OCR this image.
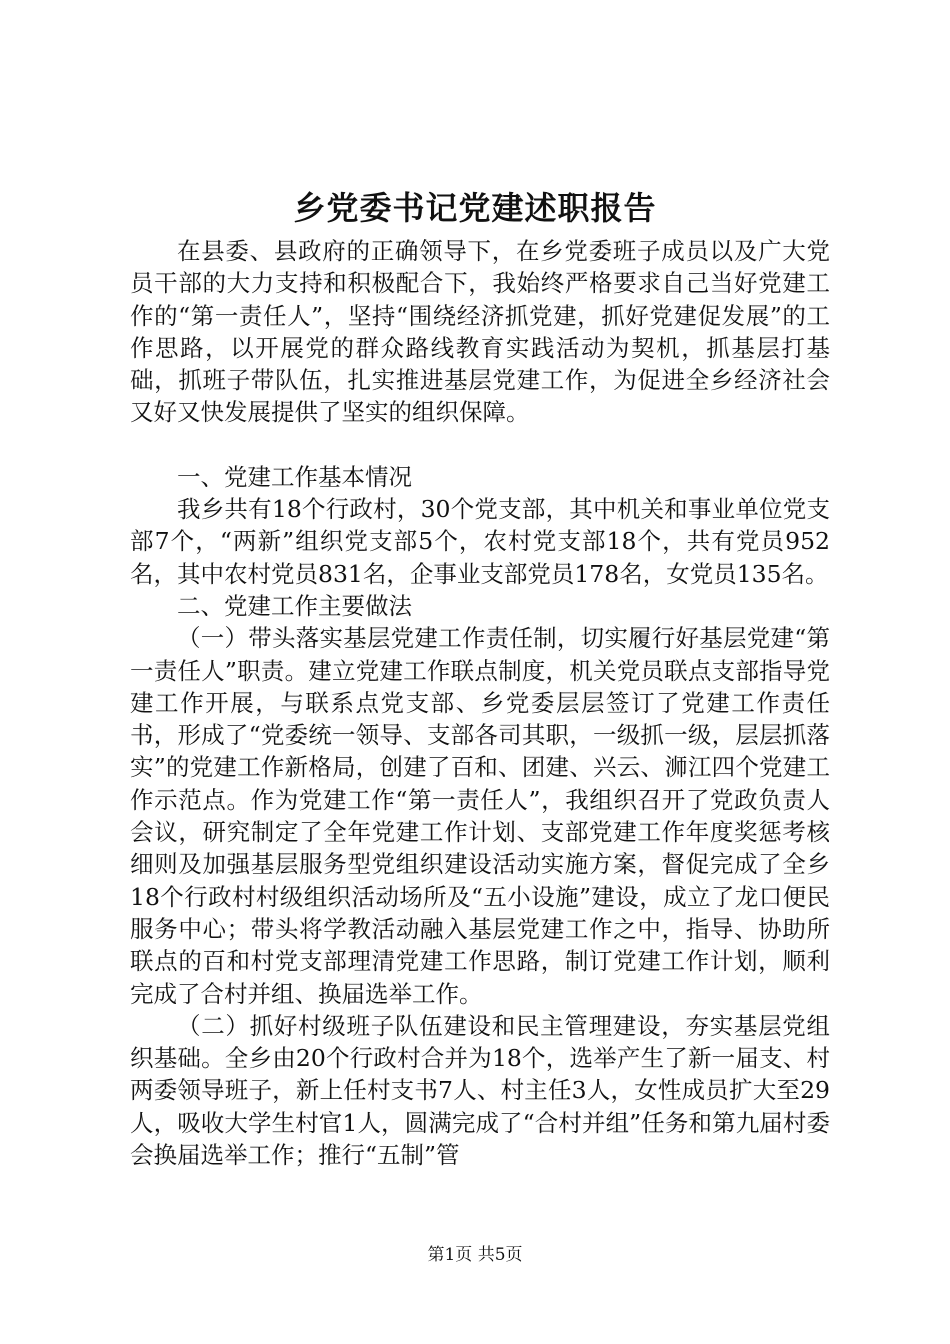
乡党委书记党建述职报告

在县委、县政府的正确领导下，在乡党委班子成员以及广大党员干部的大力支持和积极配合下，我始终严格要求自己当好党建工作的“第一责任人”，坚持“围绕经济抓党建，抓好党建促发展”的工作思路，以开展党的群众路线教育实践活动为契机，抓基层打基础，抓班子带队伍，扎实推进基层党建工作，为促进全乡经济社会又好又快发展提供了坚实的组织保障。

一、党建工作基本情况

我乡共有18个行政村，30个党支部，其中机关和事业单位党支部7个，“两新”组织党支部5个，农村党支部18个，共有党员952名，其中农村党员831名，企事业支部党员178名，女党员135名。

二、党建工作主要做法

（一）带头落实基层党建工作责任制，切实履行好基层党建“第一责任人”职责。建立党建工作联点制度，机关党员联点支部指导党建工作开展，与联系点党支部、乡党委层层签订了党建工作责任书，形成了“党委统一领导、支部各司其职，一级抓一级，层层抓落实”的党建工作新格局，创建了百和、团建、兴云、浉江四个党建工作示范点。作为党建工作“第一责任人”，我组织召开了党政负责人会议，研究制定了全年党建工作计划、支部党建工作年度奖惩考核细则及加强基层服务型党组织建设活动实施方案，督促完成了全乡18个行政村村级组织活动场所及“五小设施”建设，成立了龙口便民服务中心；带头将学教活动融入基层党建工作之中，指导、协助所联点的百和村党支部理清党建工作思路，制订党建工作计划，顺利完成了合村并组、换届选举工作。

（二）抓好村级班子队伍建设和民主管理建设，夯实基层党组织基础。全乡由20个行政村合并为18个，选举产生了新一届支、村两委领导班子，新上任村支书7人、村主任3人，女性成员扩大至29人，吸收大学生村官1人，圆满完成了“合村并组”任务和第九届村委会换届选举工作；推行“五制”管

第1页 共5页
